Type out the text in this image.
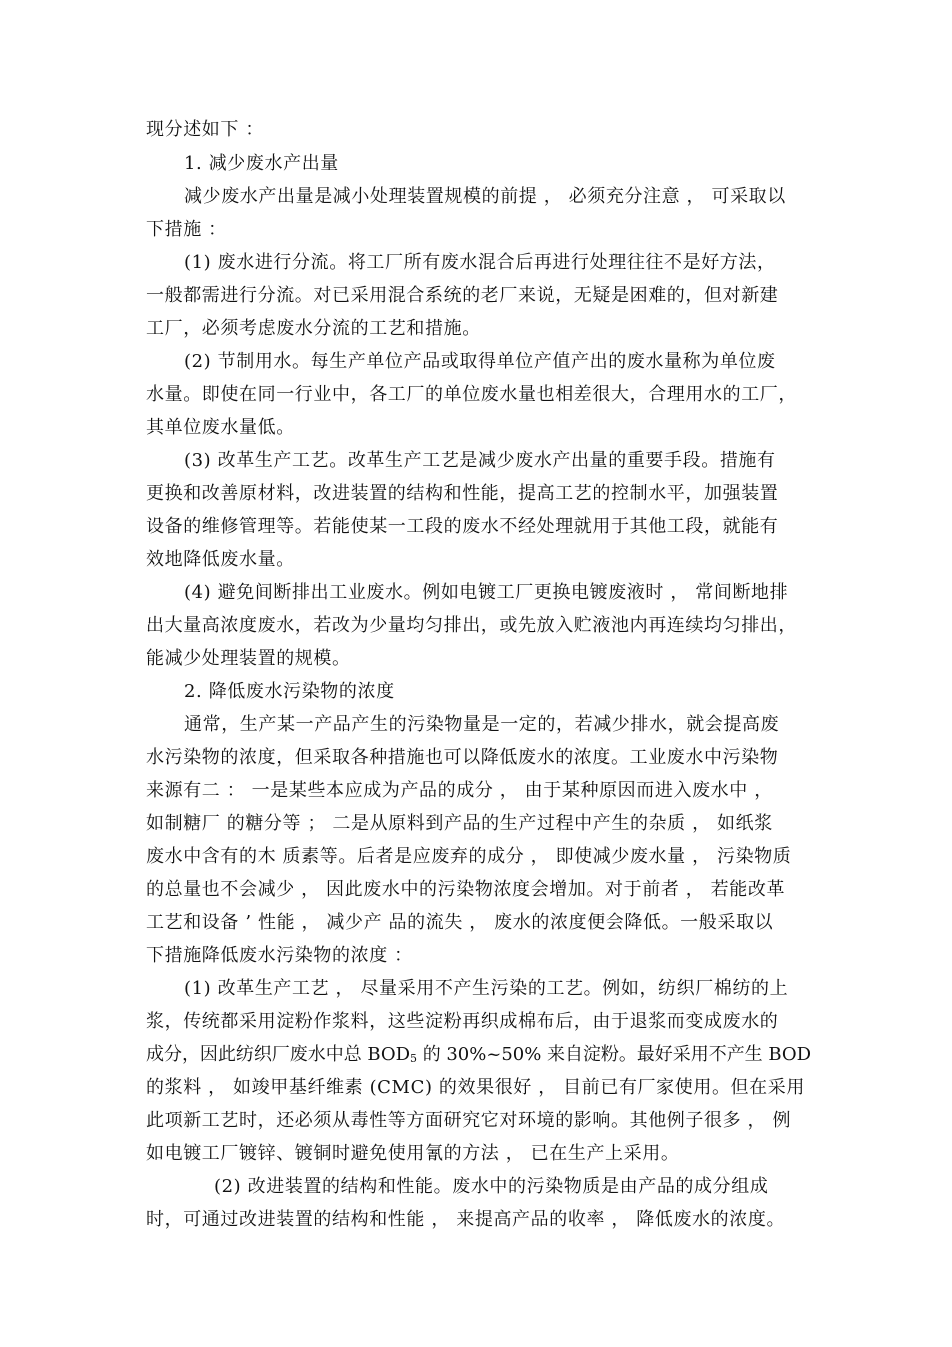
现分述如下 ：
1. 减少废水产出量
减少废水产出量是减小处理装置规模的前提 ， 必须充分注意 ， 可采取以
下措施 ：
(1) 废水进行分流。将工厂所有废水混合后再进行处理往往不是好方法，
一般都需进行分流。对已采用混合系统的老厂来说，无疑是困难的，但对新建
工厂，必须考虑废水分流的工艺和措施。
(2) 节制用水。每生产单位产品或取得单位产值产出的废水量称为单位废
水量。即使在同一行业中，各工厂的单位废水量也相差很大，合理用水的工厂，
其单位废水量低。
(3) 改革生产工艺。改革生产工艺是减少废水产出量的重要手段。措施有
更换和改善原材料，改进装置的结构和性能，提高工艺的控制水平，加强装置
设备的维修管理等。若能使某一工段的废水不经处理就用于其他工段，就能有
效地降低废水量。
(4) 避免间断排出工业废水。例如电镀工厂更换电镀废液时 ， 常间断地排
出大量高浓度废水，若改为少量均匀排出，或先放入贮液池内再连续均匀排出，
能减少处理装置的规模。
2. 降低废水污染物的浓度
通常，生产某一产品产生的污染物量是一定的，若减少排水，就会提高废
水污染物的浓度，但采取各种措施也可以降低废水的浓度。工业废水中污染物
来源有二 ： 一是某些本应成为产品的成分 ， 由于某种原因而进入废水中 ，
如制糖厂 的糖分等 ； 二是从原料到产品的生产过程中产生的杂质 ， 如纸浆
废水中含有的木 质素等。后者是应废弃的成分 ， 即使减少废水量 ， 污染物质
的总量也不会减少 ， 因此废水中的污染物浓度会增加。对于前者 ， 若能改革
工艺和设备 ’ 性能 ， 减少产 品的流失 ， 废水的浓度便会降低。一般采取以
下措施降低废水污染物的浓度 ：
(1) 改革生产工艺 ， 尽量采用不产生污染的工艺。例如，纺织厂棉纺的上
浆，传统都采用淀粉作浆料，这些淀粉再织成棉布后，由于退浆而变成废水的
成分，因此纺织厂废水中总 $BOD_5$ 的 30%~50% 来自淀粉。最好采用不产生 BOD
的浆料 ， 如竣甲基纤维素 (CMC) 的效果很好 ， 目前已有厂家使用。但在采用
此项新工艺时，还必须从毒性等方面研究它对环境的影响。其他例子很多 ， 例
如电镀工厂镀锌、镀铜时避免使用氰的方法 ， 已在生产上采用。
(2) 改进装置的结构和性能。废水中的污染物质是由产品的成分组成
时，可通过改进装置的结构和性能 ， 来提高产品的收率 ， 降低废水的浓度。
